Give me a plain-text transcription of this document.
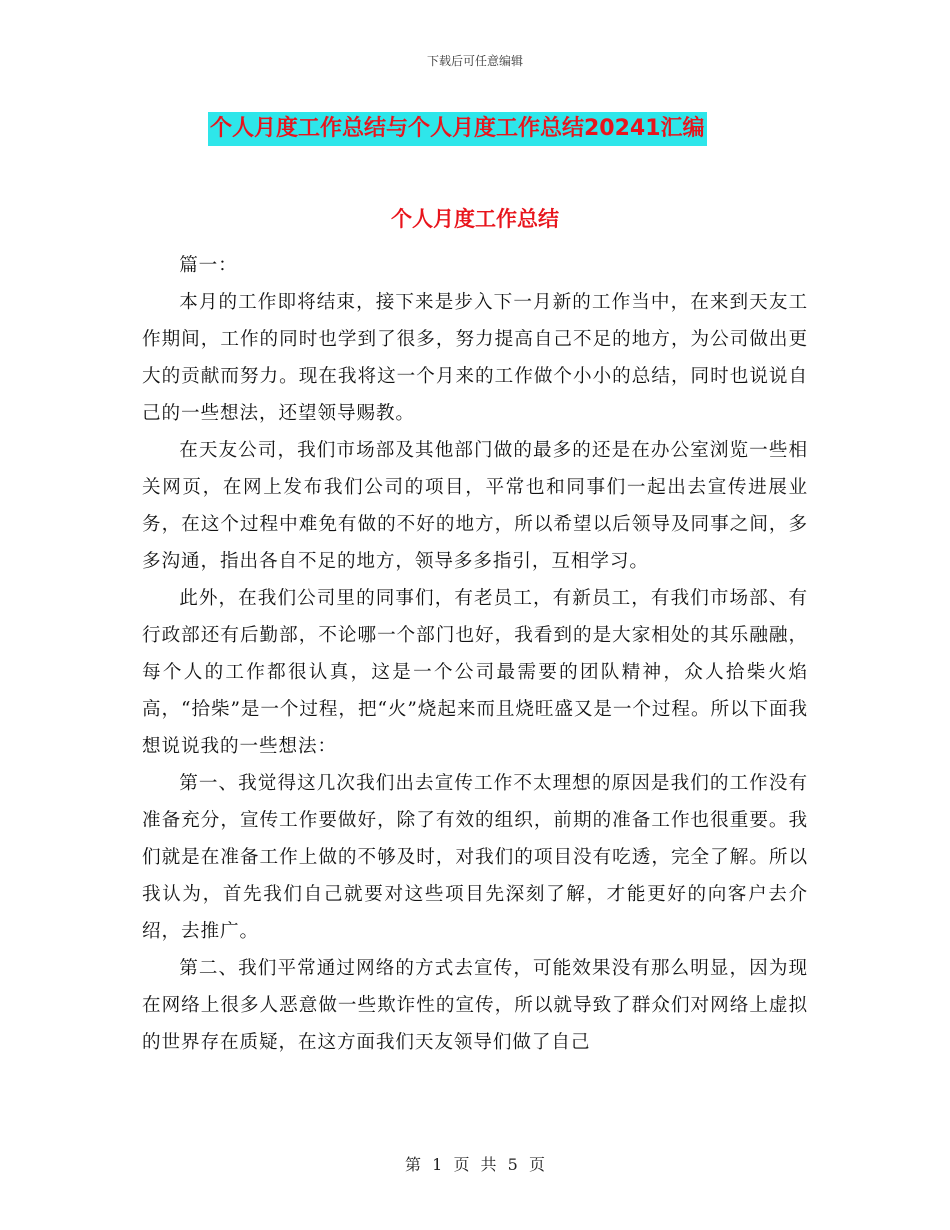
下载后可任意编辑
个人月度工作总结与个人月度工作总结20241汇编
个人月度工作总结

篇一：

本月的工作即将结束，接下来是步入下一月新的工作当中，在来到天友工作期间，工作的同时也学到了很多，努力提高自己不足的地方，为公司做出更大的贡献而努力。现在我将这一个月来的工作做个小小的总结，同时也说说自己的一些想法，还望领导赐教。

在天友公司，我们市场部及其他部门做的最多的还是在办公室浏览一些相关网页，在网上发布我们公司的项目，平常也和同事们一起出去宣传进展业务，在这个过程中难免有做的不好的地方，所以希望以后领导及同事之间，多多沟通，指出各自不足的地方，领导多多指引，互相学习。

此外，在我们公司里的同事们，有老员工，有新员工，有我们市场部、有行政部还有后勤部，不论哪一个部门也好，我看到的是大家相处的其乐融融，每个人的工作都很认真，这是一个公司最需要的团队精神，众人拾柴火焰高，“拾柴”是一个过程，把“火”烧起来而且烧旺盛又是一个过程。所以下面我想说说我的一些想法：

第一、我觉得这几次我们出去宣传工作不太理想的原因是我们的工作没有准备充分，宣传工作要做好，除了有效的组织，前期的准备工作也很重要。我们就是在准备工作上做的不够及时，对我们的项目没有吃透，完全了解。所以我认为，首先我们自己就要对这些项目先深刻了解，才能更好的向客户去介绍，去推广。

第二、我们平常通过网络的方式去宣传，可能效果没有那么明显，因为现在网络上很多人恶意做一些欺诈性的宣传，所以就导致了群众们对网络上虚拟的世界存在质疑，在这方面我们天友领导们做了自己

第 1 页 共 5 页
